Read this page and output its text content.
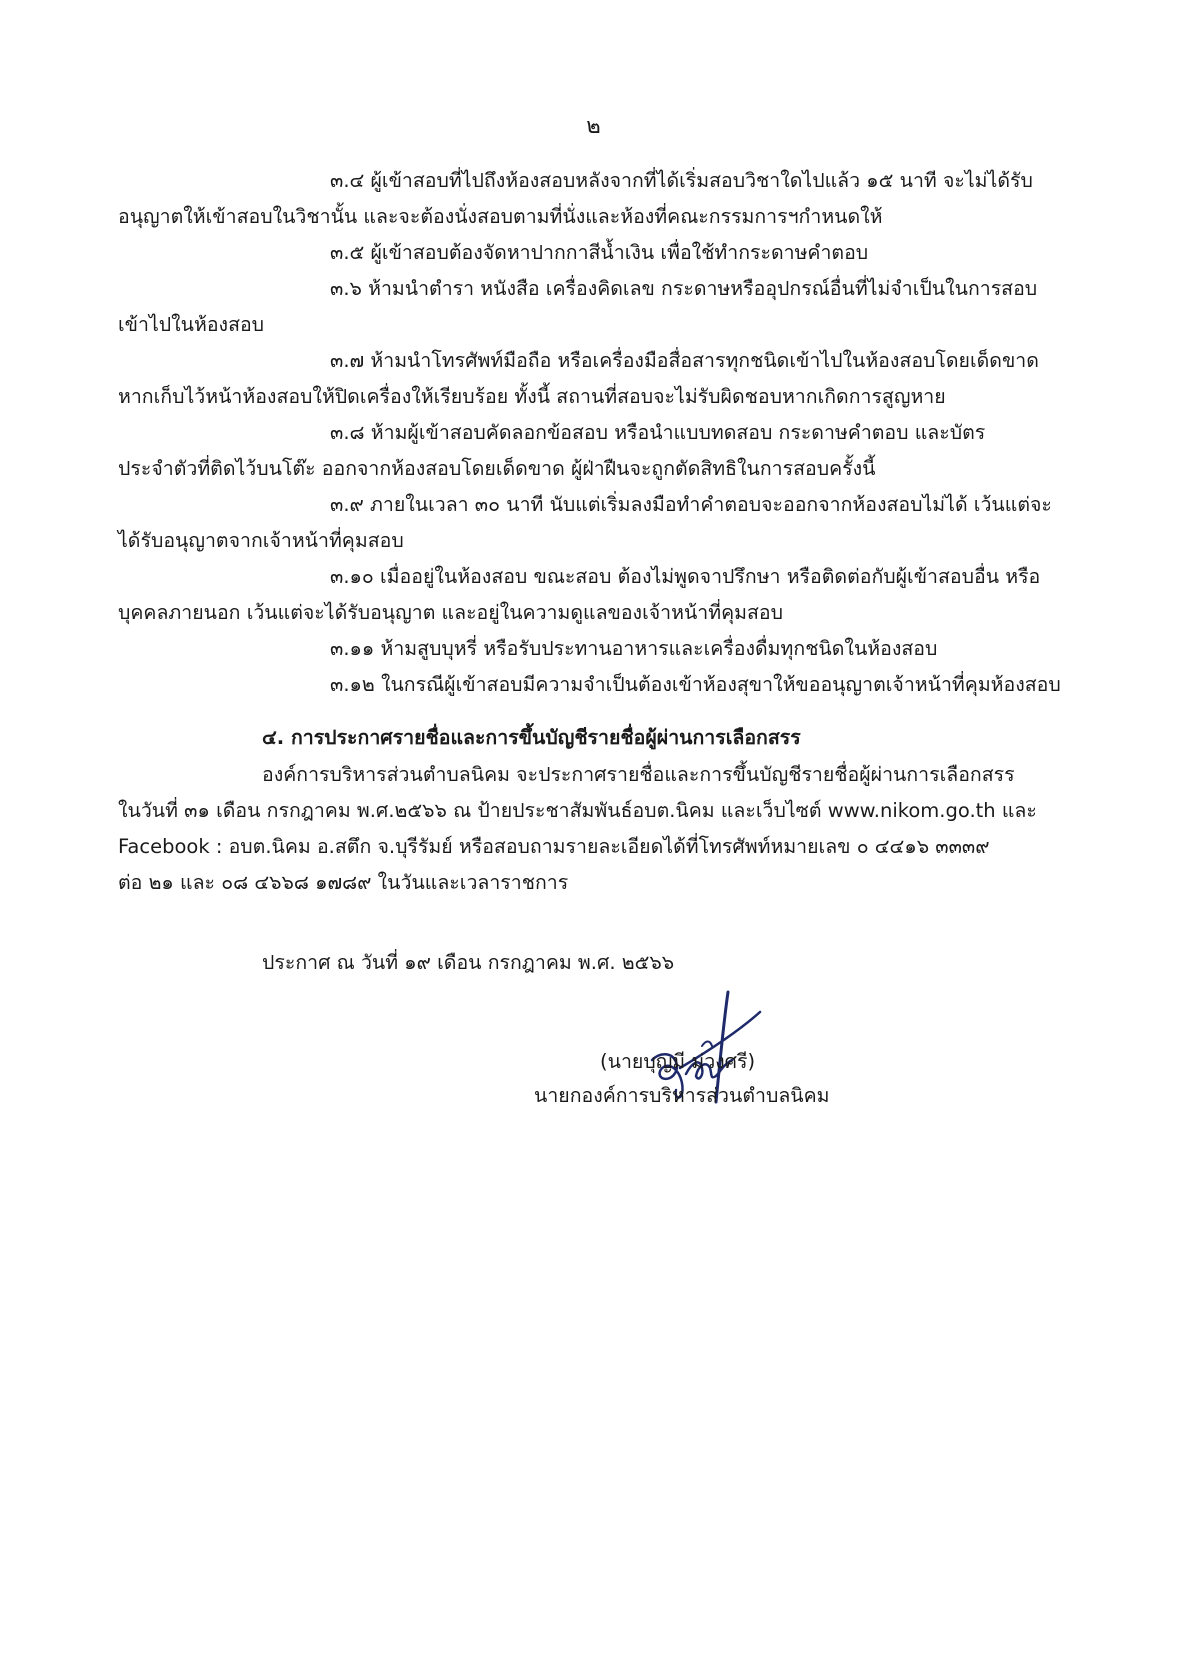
๒
๓.๔ ผู้เข้าสอบที่ไปถึงห้องสอบหลังจากที่ได้เริ่มสอบวิชาใดไปแล้ว ๑๕ นาที จะไม่ได้รับ
อนุญาตให้เข้าสอบในวิชานั้น และจะต้องนั่งสอบตามที่นั่งและห้องที่คณะกรรมการฯกำหนดให้
๓.๕ ผู้เข้าสอบต้องจัดหาปากกาสีน้ำเงิน เพื่อใช้ทำกระดาษคำตอบ
๓.๖ ห้ามนำตำรา หนังสือ เครื่องคิดเลข กระดาษหรืออุปกรณ์อื่นที่ไม่จำเป็นในการสอบ
เข้าไปในห้องสอบ
๓.๗ ห้ามนำโทรศัพท์มือถือ หรือเครื่องมือสื่อสารทุกชนิดเข้าไปในห้องสอบโดยเด็ดขาด
หากเก็บไว้หน้าห้องสอบให้ปิดเครื่องให้เรียบร้อย ทั้งนี้ สถานที่สอบจะไม่รับผิดชอบหากเกิดการสูญหาย
๓.๘ ห้ามผู้เข้าสอบคัดลอกข้อสอบ หรือนำแบบทดสอบ กระดาษคำตอบ และบัตร
ประจำตัวที่ติดไว้บนโต๊ะ ออกจากห้องสอบโดยเด็ดขาด ผู้ฝ่าฝืนจะถูกตัดสิทธิในการสอบครั้งนี้
๓.๙ ภายในเวลา ๓๐ นาที นับแต่เริ่มลงมือทำคำตอบจะออกจากห้องสอบไม่ได้ เว้นแต่จะ
ได้รับอนุญาตจากเจ้าหน้าที่คุมสอบ
๓.๑๐ เมื่ออยู่ในห้องสอบ ขณะสอบ ต้องไม่พูดจาปรึกษา หรือติดต่อกับผู้เข้าสอบอื่น หรือ
บุคคลภายนอก เว้นแต่จะได้รับอนุญาต และอยู่ในความดูแลของเจ้าหน้าที่คุมสอบ
๓.๑๑ ห้ามสูบบุหรี่ หรือรับประทานอาหารและเครื่องดื่มทุกชนิดในห้องสอบ
๓.๑๒ ในกรณีผู้เข้าสอบมีความจำเป็นต้องเข้าห้องสุขาให้ขออนุญาตเจ้าหน้าที่คุมห้องสอบ
๔. การประกาศรายชื่อและการขึ้นบัญชีรายชื่อผู้ผ่านการเลือกสรร
องค์การบริหารส่วนตำบลนิคม จะประกาศรายชื่อและการขึ้นบัญชีรายชื่อผู้ผ่านการเลือกสรร
ในวันที่ ๓๑ เดือน กรกฎาคม พ.ศ.๒๕๖๖ ณ ป้ายประชาสัมพันธ์อบต.นิคม และเว็บไซต์ www.nikom.go.th และ
Facebook : อบต.นิคม อ.สตึก จ.บุรีรัมย์ หรือสอบถามรายละเอียดได้ที่โทรศัพท์หมายเลข ๐ ๔๔๑๖ ๓๓๓๙
ต่อ ๒๑ และ ๐๘ ๔๖๖๘ ๑๗๘๙ ในวันและเวลาราชการ
ประกาศ ณ วันที่ ๑๙ เดือน กรกฎาคม พ.ศ. ๒๕๖๖
(นายบุญมี ม่วงศรี)
นายกองค์การบริหารส่วนตำบลนิคม
